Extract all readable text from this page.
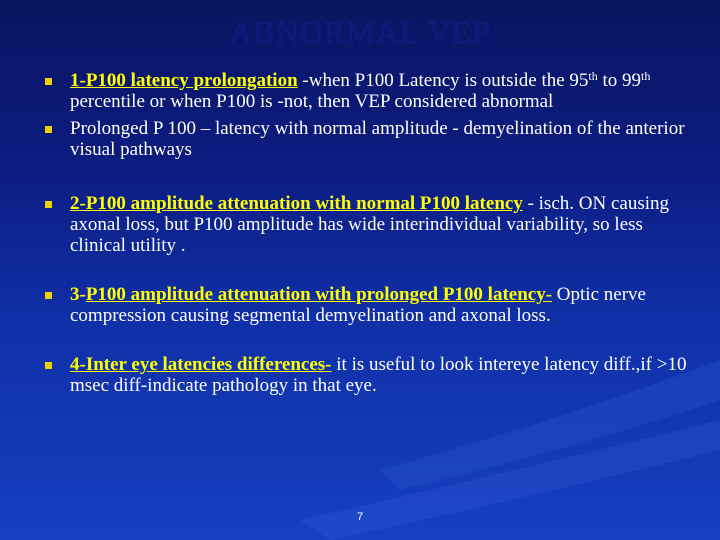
ABNORMAL VEP
1-P100 latency prolongation -when P100 Latency is outside the 95th to 99th percentile or when P100 is -not, then VEP considered abnormal
Prolonged P 100 – latency with normal amplitude - demyelination of the anterior visual pathways
2-P100 amplitude attenuation with normal P100 latency - isch. ON causing axonal loss, but P100 amplitude has wide interindividual variability, so less clinical utility .
3-P100 amplitude attenuation with prolonged P100 latency- Optic nerve compression causing segmental demyelination and axonal loss.
4-Inter eye latencies differences- it is useful to look intereye latency diff.,if >10 msec diff-indicate pathology in that eye.
7
